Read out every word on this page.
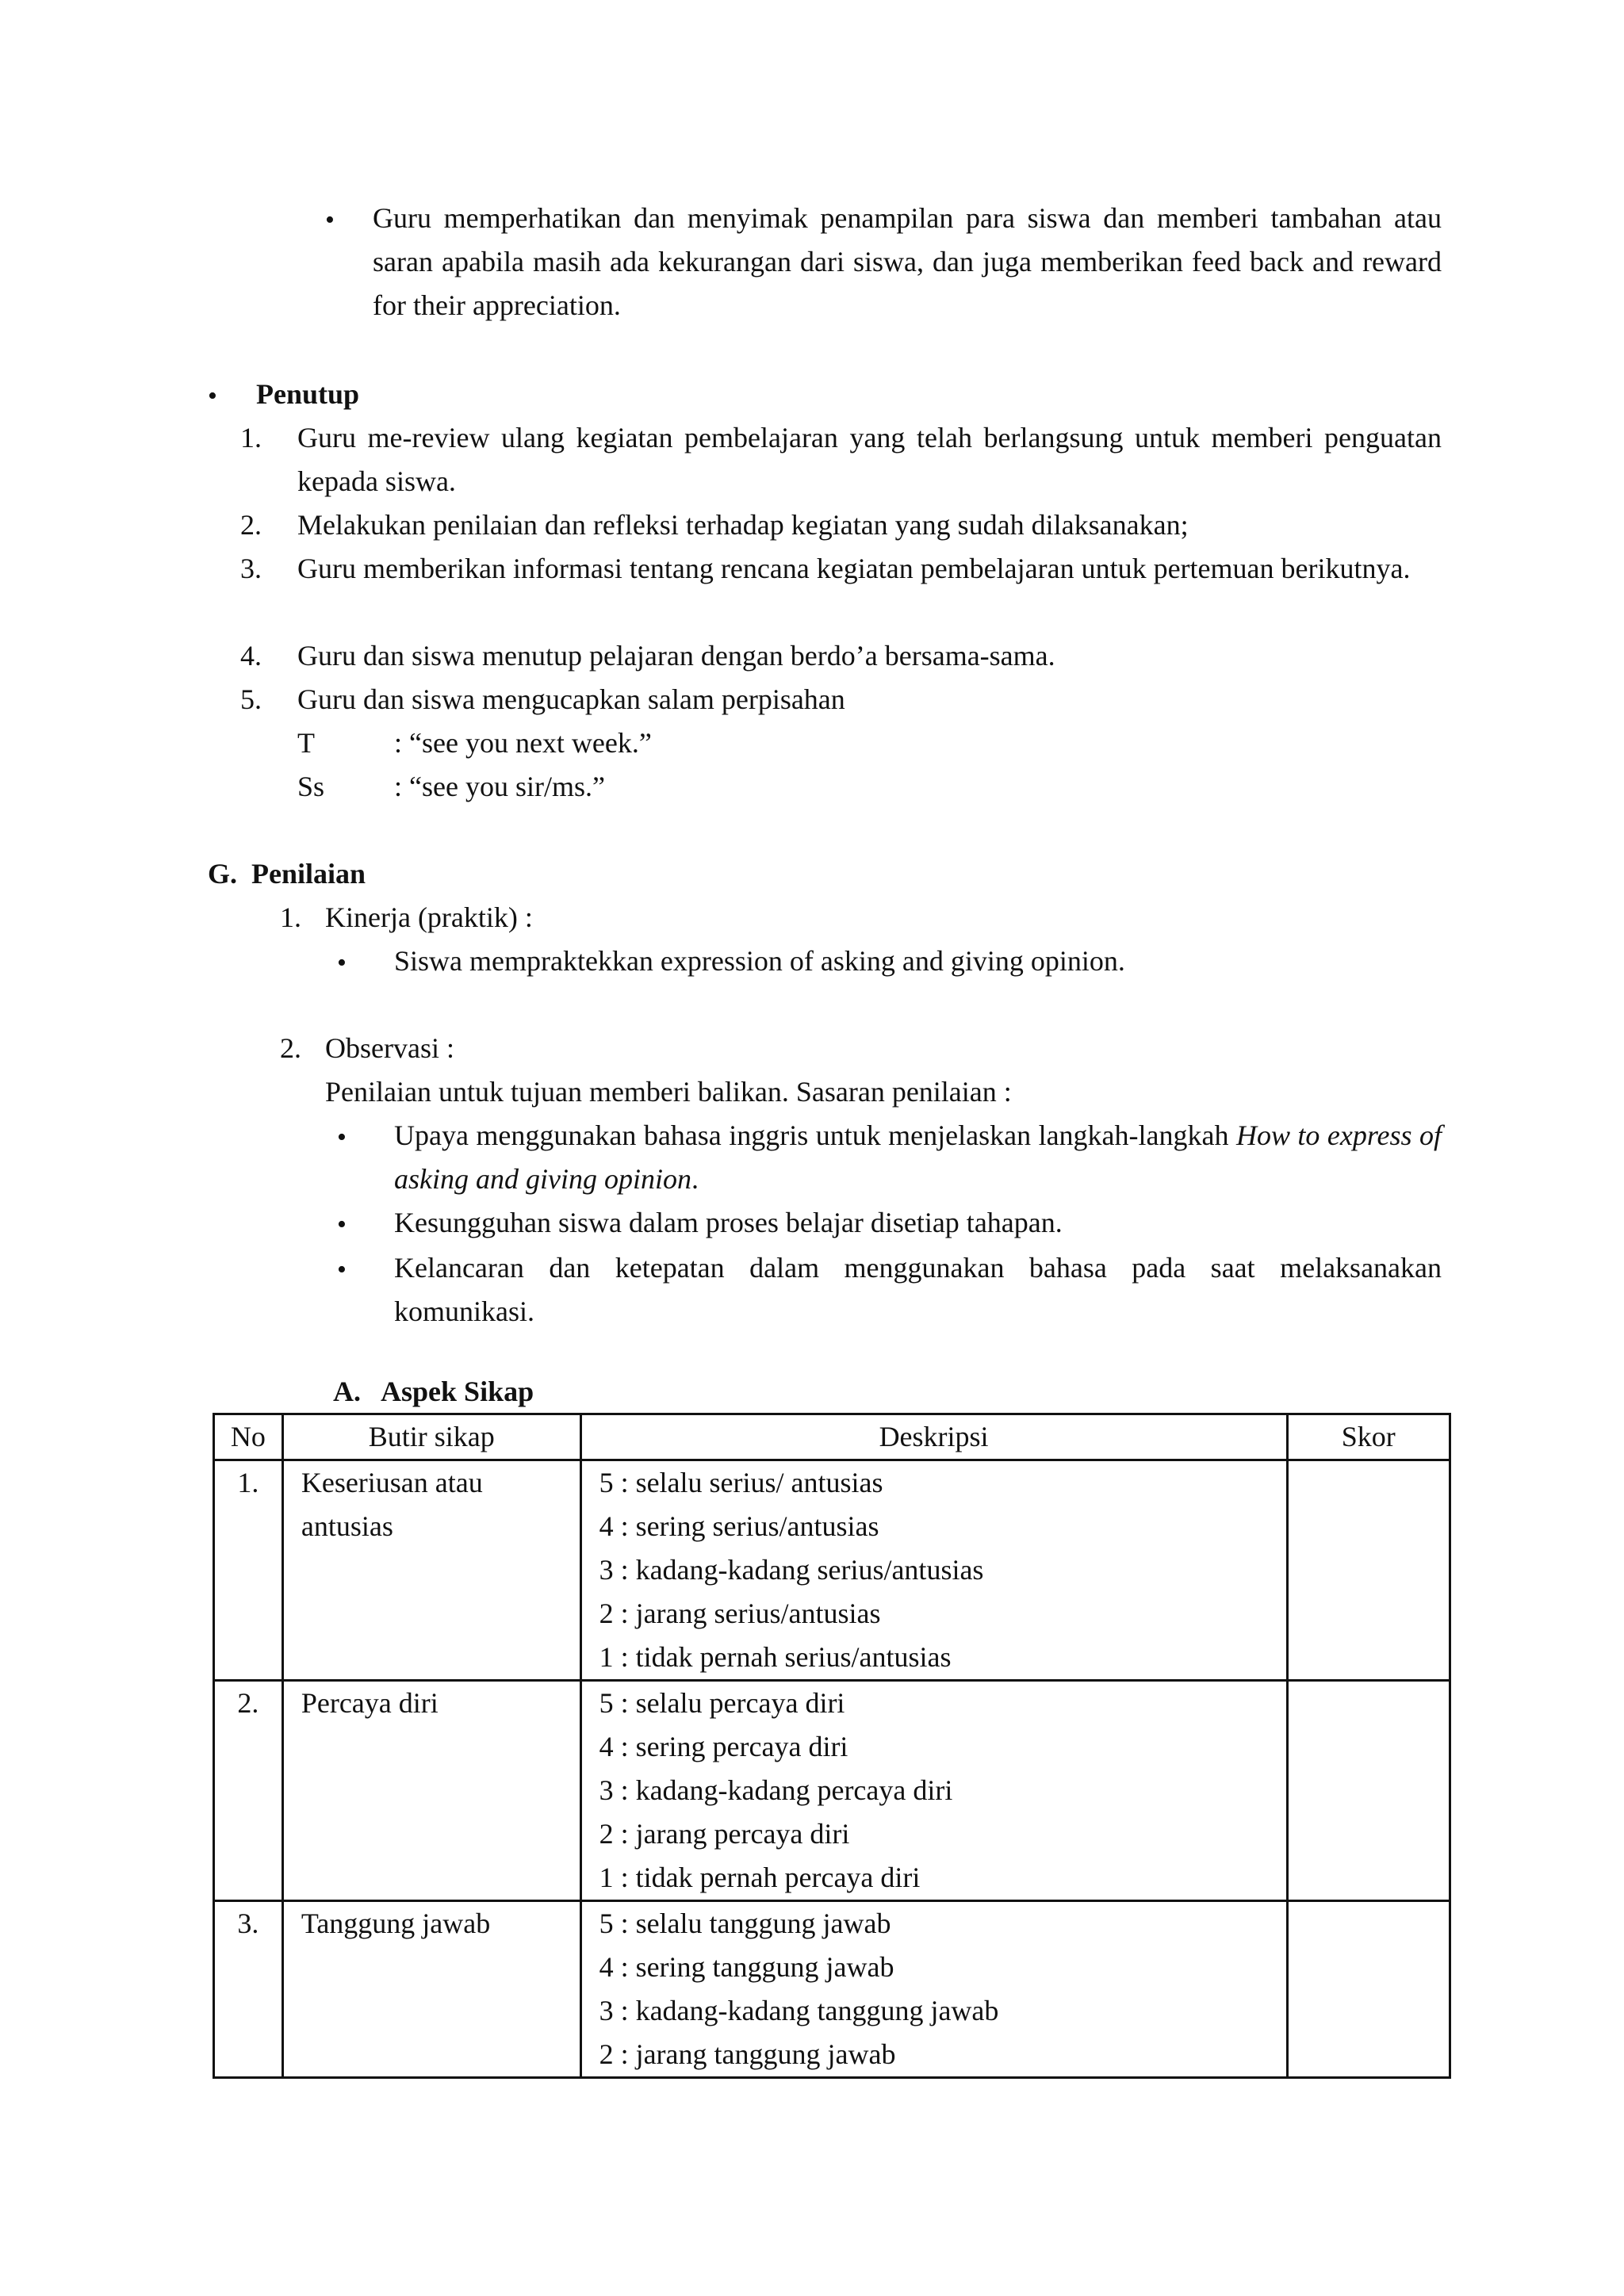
• Guru memperhatikan dan menyimak penampilan para siswa dan memberi tambahan atau saran apabila masih ada kekurangan dari siswa, dan juga memberikan feed back and reward for their appreciation.
• Penutup
1. Guru me-review ulang kegiatan pembelajaran yang telah berlangsung untuk memberi penguatan kepada siswa.
2. Melakukan penilaian dan refleksi terhadap kegiatan yang sudah dilaksanakan;
3. Guru memberikan informasi tentang rencana kegiatan pembelajaran untuk pertemuan berikutnya.
4. Guru dan siswa menutup pelajaran dengan berdo’a bersama-sama.
5. Guru dan siswa mengucapkan salam perpisahan
T	: “see you next week.”
Ss : “see you sir/ms.”
G.  Penilaian
1. Kinerja (praktik) :
• Siswa mempraktekkan expression of asking and giving opinion.
2. Observasi :
Penilaian untuk tujuan memberi balikan. Sasaran penilaian :
• Upaya menggunakan bahasa inggris untuk menjelaskan langkah-langkah How to express of asking and giving opinion.
• Kesungguhan siswa dalam proses belajar disetiap tahapan.
• Kelancaran dan ketepatan dalam menggunakan bahasa pada saat melaksanakan komunikasi.
A.   Aspek Sikap
No	Butir sikap	Deskripsi	Skor
1.	Keseriusan atau antusias	5 : selalu serius/ antusias
4 : sering serius/antusias
3 : kadang-kadang serius/antusias
2 : jarang serius/antusias
1 : tidak pernah serius/antusias	

2.	Percaya diri	5 : selalu percaya diri
4 : sering percaya diri
3 : kadang-kadang percaya diri
2 : jarang percaya diri
1 : tidak pernah percaya diri	

3.	Tanggung jawab	5 : selalu tanggung jawab
4 : sering tanggung jawab
3 : kadang-kadang tanggung jawab
2 : jarang tanggung jawab	
